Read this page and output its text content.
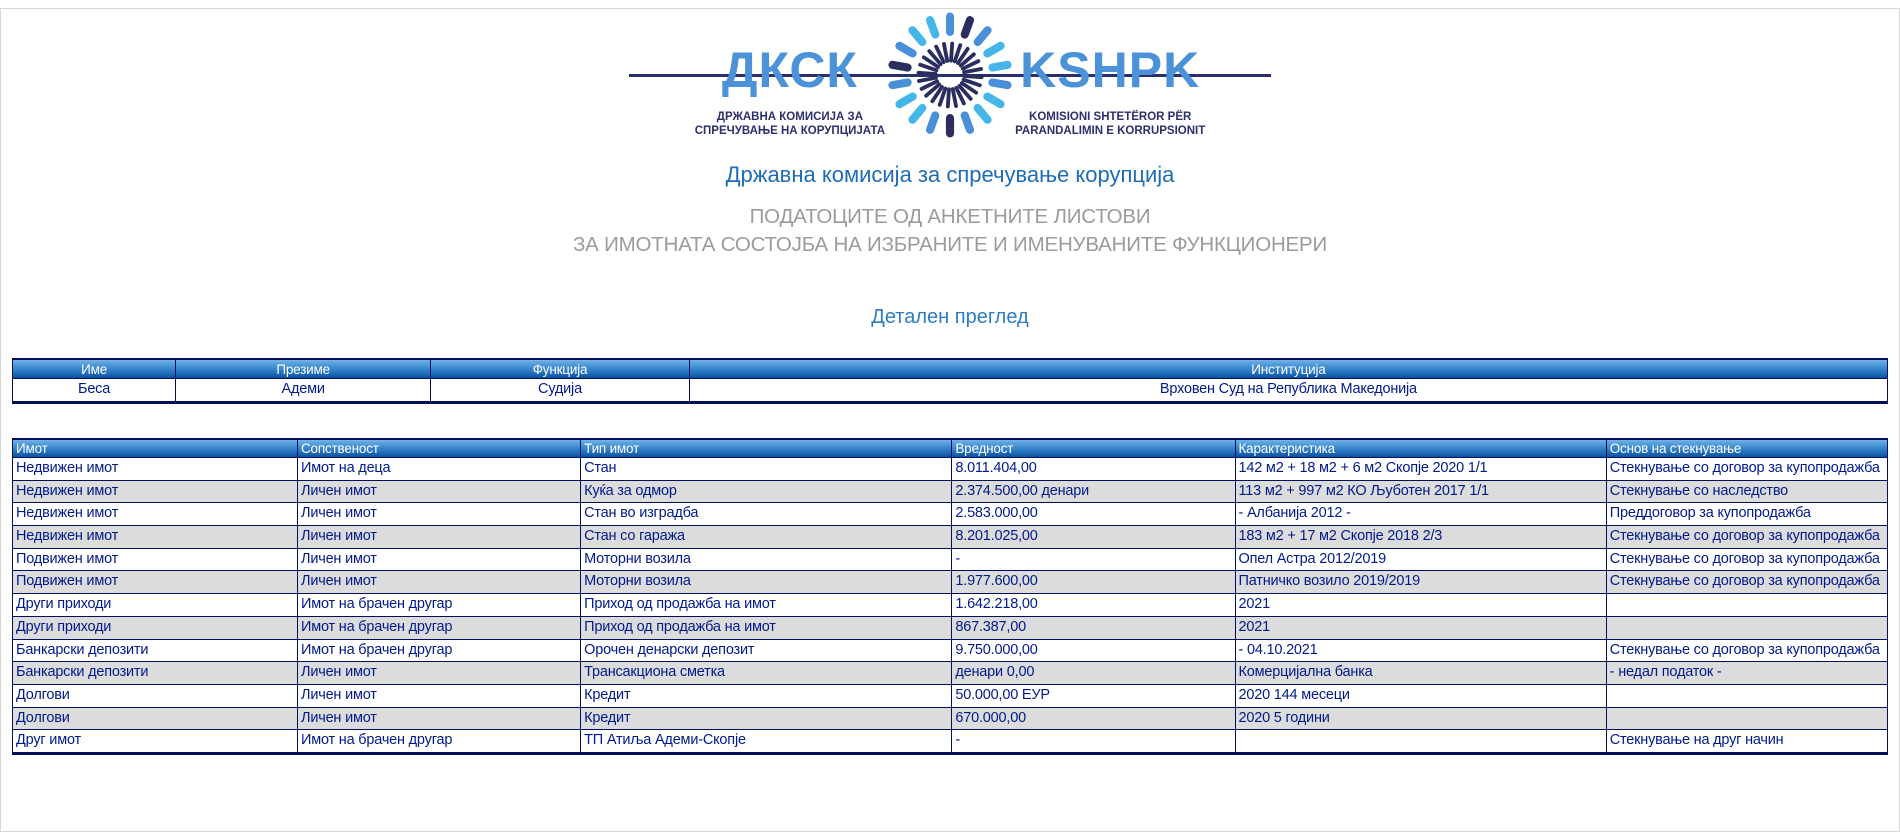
ДКСК
ДРЖАВНА КОМИСИЈА ЗА
СПРЕЧУВАЊЕ НА КОРУПЦИЈАТА
KSHPK
KOMISIONI SHTETËROR PËR
PARANDALIMIN E KORRUPSIONIT
Државна комисија за спречување корупција
ПОДАТОЦИТЕ ОД АНКЕТНИТЕ ЛИСТОВИ
ЗА ИМОТНАТА СОСТОЈБА НА ИЗБРАНИТЕ И ИМЕНУВАНИТЕ ФУНКЦИОНЕРИ
Детален преглед
Име	Презиме	Функција	Институција
Беса	Адеми	Судија	Врховен Суд на Република Македонија
Имот	Сопственост	Тип имот	Вредност	Карактеристика	Основ на стекнување
Недвижен имот	Имот на деца	Стан	8.011.404,00	142 м2 + 18 м2 + 6 м2 Скопје 2020 1/1	Стекнување со договор за купопродажба
Недвижен имот	Личен имот	Куќа за одмор	2.374.500,00 денари	113 м2 + 997 м2 КО Љуботен 2017 1/1	Стекнување со наследство
Недвижен имот	Личен имот	Стан во изградба	2.583.000,00	- Албанија 2012 -	Преддоговор за купопродажба
Недвижен имот	Личен имот	Стан со гаража	8.201.025,00	183 м2 + 17 м2 Скопје 2018 2/3	Стекнување со договор за купопродажба
Подвижен имот	Личен имот	Моторни возила	-	Опел Астра 2012/2019	Стекнување со договор за купопродажба
Подвижен имот	Личен имот	Моторни возила	1.977.600,00	Патничко возило 2019/2019	Стекнување со договор за купопродажба
Други приходи	Имот на брачен другар	Приход од продажба на имот	1.642.218,00	2021	
Други приходи	Имот на брачен другар	Приход од продажба на имот	867.387,00	2021	
Банкарски депозити	Имот на брачен другар	Орочен денарски депозит	9.750.000,00	- 04.10.2021	Стекнување со договор за купопродажба
Банкарски депозити	Личен имот	Трансакциона сметка	денари 0,00	Комерцијална банка	- недал податок -
Долгови	Личен имот	Кредит	50.000,00 ЕУР	2020 144 месеци	
Долгови	Личен имот	Кредит	670.000,00	2020 5 години	
Друг имот	Имот на брачен другар	ТП Атиља Адеми-Скопје	-		Стекнување на друг начин
